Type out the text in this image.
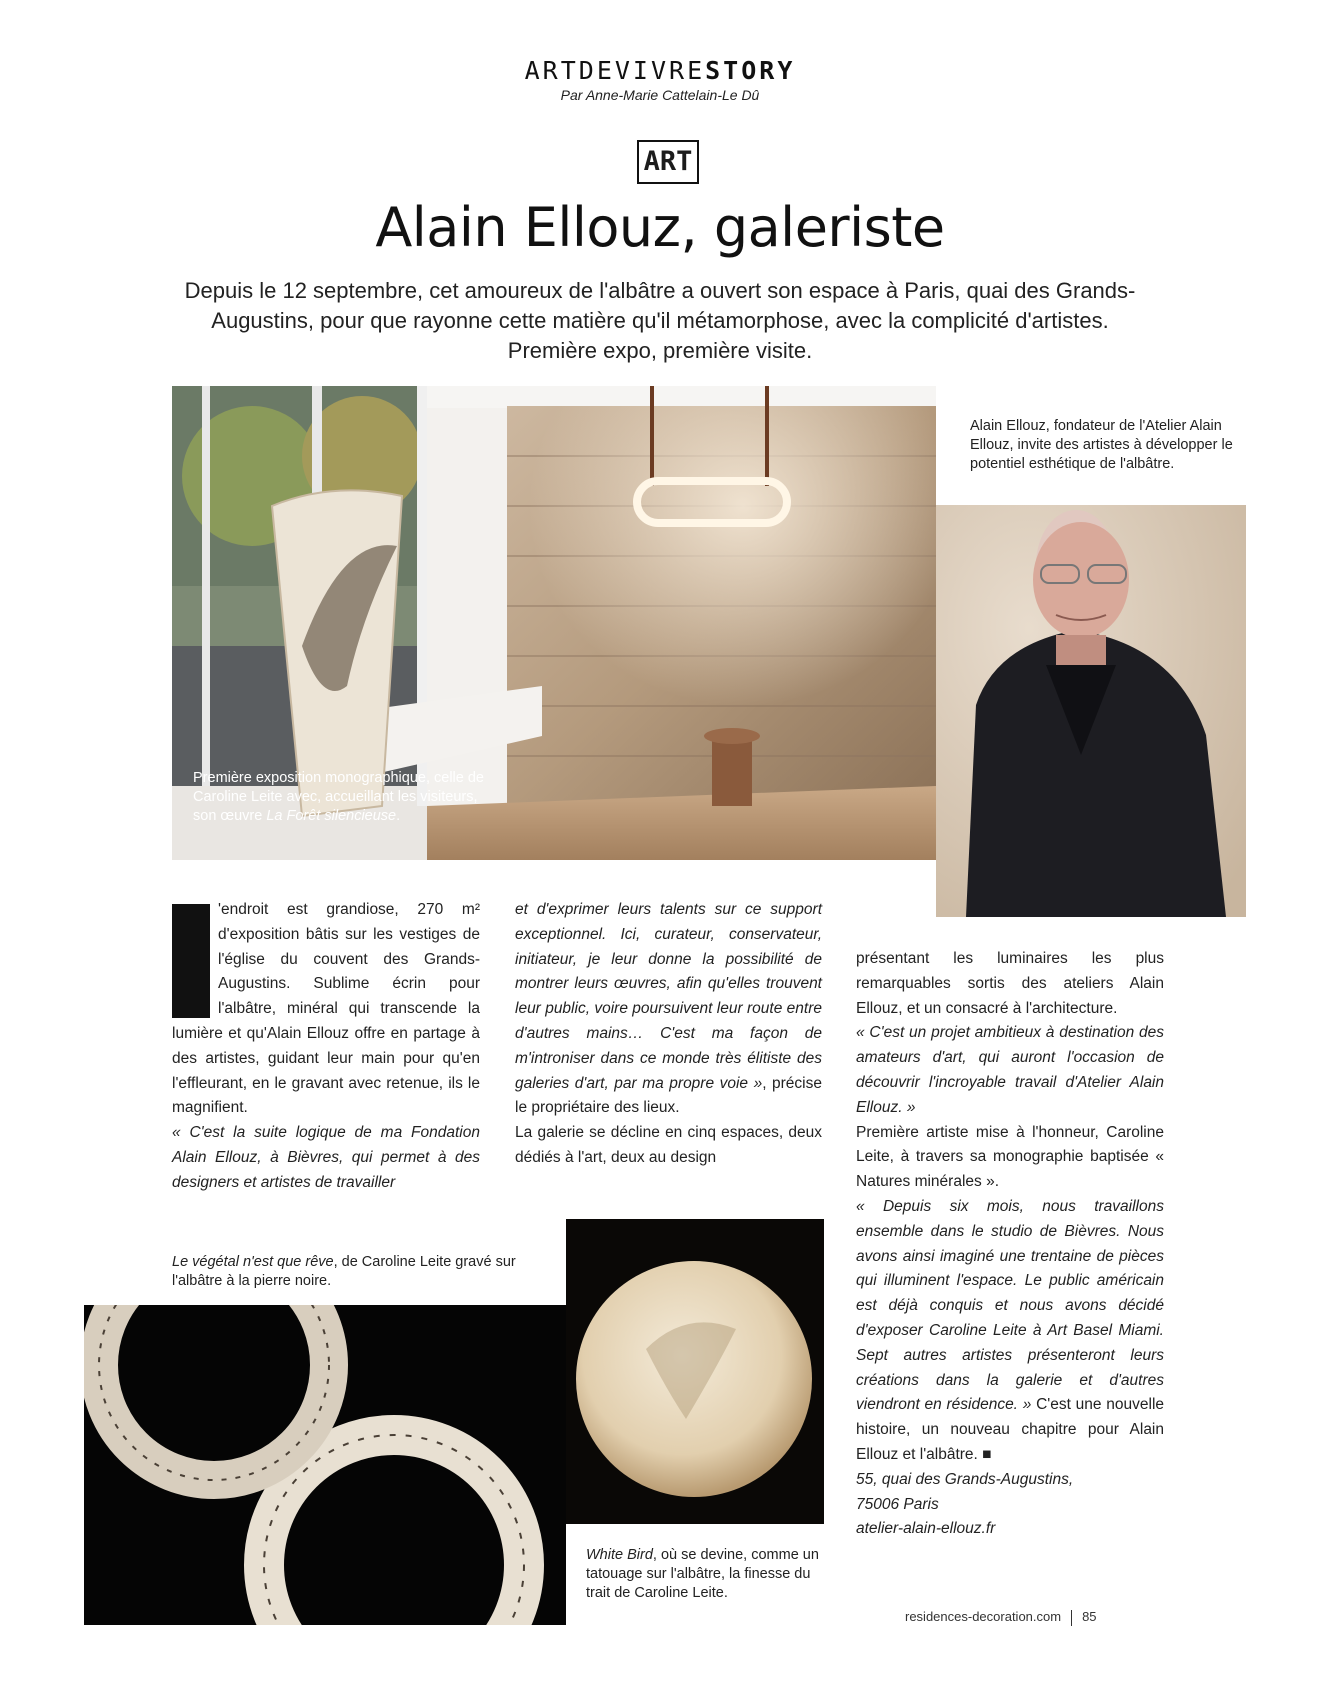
ARTDEVIVRESTORY
Par Anne-Marie Cattelain-Le Dû
ART
Alain Ellouz, galeriste
Depuis le 12 septembre, cet amoureux de l'albâtre a ouvert son espace à Paris, quai des Grands-Augustins, pour que rayonne cette matière qu'il métamorphose, avec la complicité d'artistes. Première expo, première visite.
Première exposition monographique, celle de Caroline Leite avec, accueillant les visiteurs, son œuvre La Forêt silencieuse.
Alain Ellouz, fondateur de l'Atelier Alain Ellouz, invite des artistes à développer le potentiel esthétique de l'albâtre.

'endroit est grandiose, 270 m² d'exposition bâtis sur les vestiges de l'église du couvent des Grands-Augustins. Sublime écrin pour l'albâtre, minéral qui transcende la lumière et qu'Alain Ellouz offre en partage à des artistes, guidant leur main pour qu'en l'effleurant, en le gravant avec retenue, ils le magnifient.

« C'est la suite logique de ma Fondation Alain Ellouz, à Bièvres, qui permet à des designers et artistes de travailler

et d'exprimer leurs talents sur ce support exceptionnel. Ici, curateur, conservateur, initiateur, je leur donne la possibilité de montrer leurs œuvres, afin qu'elles trouvent leur public, voire poursuivent leur route entre d'autres mains… C'est ma façon de m'introniser dans ce monde très élitiste des galeries d'art, par ma propre voie », précise le propriétaire des lieux.

La galerie se décline en cinq espaces, deux dédiés à l'art, deux au design

présentant les luminaires les plus remarquables sortis des ateliers Alain Ellouz, et un consacré à l'architecture.

« C'est un projet ambitieux à destination des amateurs d'art, qui auront l'occasion de découvrir l'incroyable travail d'Atelier Alain Ellouz. »

Première artiste mise à l'honneur, Caroline Leite, à travers sa monographie baptisée « Natures minérales ».

« Depuis six mois, nous travaillons ensemble dans le studio de Bièvres. Nous avons ainsi imaginé une trentaine de pièces qui illuminent l'espace. Le public américain est déjà conquis et nous avons décidé d'exposer Caroline Leite à Art Basel Miami. Sept autres artistes présenteront leurs créations dans la galerie et d'autres viendront en résidence. » C'est une nouvelle histoire, un nouveau chapitre pour Alain Ellouz et l'albâtre. ■

55, quai des Grands-Augustins,

75006 Paris

atelier-alain-ellouz.fr

Le végétal n'est que rêve, de Caroline Leite gravé sur l'albâtre à la pierre noire.
White Bird, où se devine, comme un tatouage sur l'albâtre, la finesse du trait de Caroline Leite.
residences-decoration.com 85
